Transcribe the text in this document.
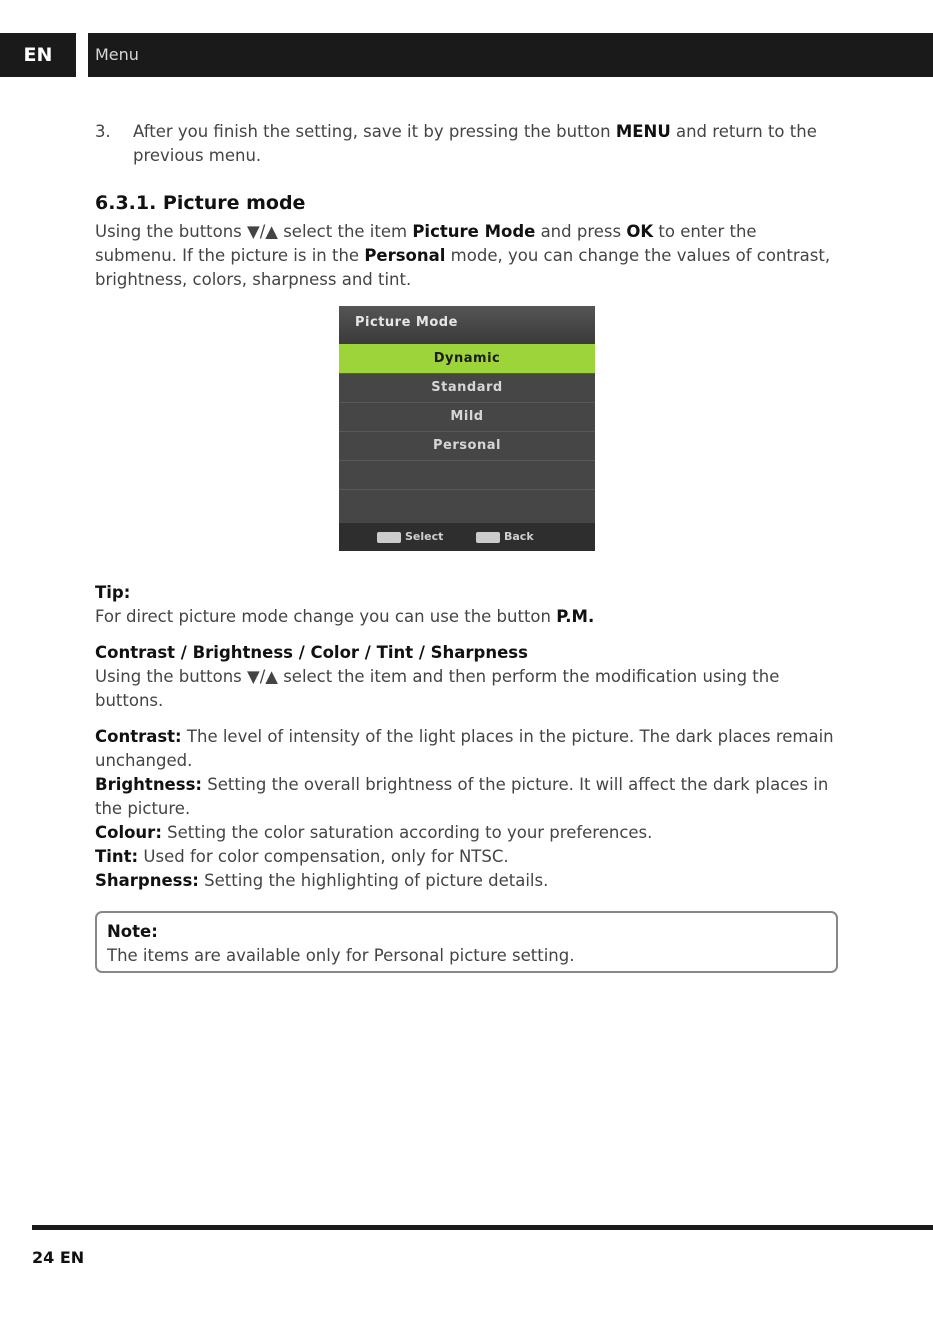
EN	Menu
3.	After you finish the setting, save it by pressing the button MENU and return to the previous menu.

6.3.1. Picture mode

Using the buttons ▼/▲ select the item Picture Mode and press OK to enter the submenu. If the picture is in the Personal mode, you can change the values of contrast, brightness, colors, sharpness and tint.

Picture Mode
Dynamic
Standard
Mild
Personal
Select	Back

Tip:

For direct picture mode change you can use the button P.M.

Contrast / Brightness / Color / Tint / Sharpness

Using the buttons ▼/▲ select the item and then perform the modification using the buttons.

Contrast: The level of intensity of the light places in the picture. The dark places remain unchanged.

Brightness: Setting the overall brightness of the picture. It will affect the dark places in the picture.

Colour: Setting the color saturation according to your preferences.

Tint: Used for color compensation, only for NTSC.

Sharpness: Setting the highlighting of picture details.

Note:

The items are available only for Personal picture setting.

24 EN
